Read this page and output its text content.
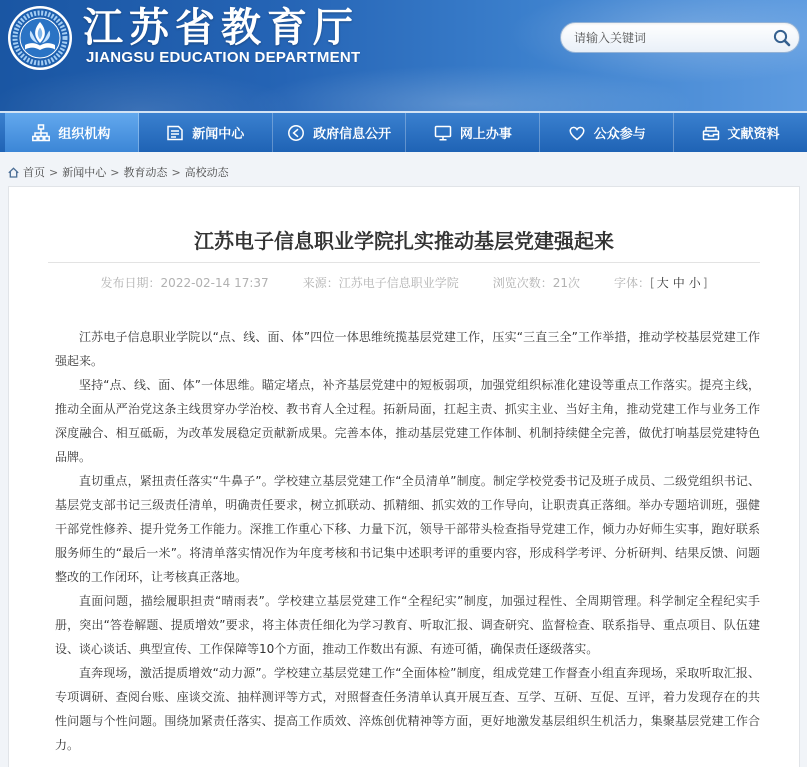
江苏省教育厅
JIANGSU EDUCATION DEPARTMENT
请输入关键词
组织机构	新闻中心	政府信息公开	网上办事	公众参与	文献资料
首页 > 新闻中心 > 教育动态 > 高校动态
江苏电子信息职业学院扎实推动基层党建强起来
发布日期： 2022-02-14 17:37	来源： 江苏电子信息职业学院	浏览次数： 21次	字体： [ 大 中 小 ]

江苏电子信息职业学院以“点、线、面、体”四位一体思维统揽基层党建工作，压实“三直三全”工作举措，推动学校基层党建工作强起来。

坚持“点、线、面、体”一体思维。瞄定堵点，补齐基层党建中的短板弱项，加强党组织标准化建设等重点工作落实。提亮主线，推动全面从严治党这条主线贯穿办学治校、教书育人全过程。拓新局面，扛起主责、抓实主业、当好主角，推动党建工作与业务工作深度融合、相互砥砺，为改革发展稳定贡献新成果。完善本体，推动基层党建工作体制、机制持续健全完善，做优打响基层党建特色品牌。

直切重点，紧扭责任落实“牛鼻子”。学校建立基层党建工作“全员清单”制度。制定学校党委书记及班子成员、二级党组织书记、基层党支部书记三级责任清单，明确责任要求，树立抓联动、抓精细、抓实效的工作导向，让职责真正落细。举办专题培训班，强健干部党性修养、提升党务工作能力。深推工作重心下移、力量下沉，领导干部带头检查指导党建工作，倾力办好师生实事，跑好联系服务师生的“最后一米”。将清单落实情况作为年度考核和书记集中述职考评的重要内容，形成科学考评、分析研判、结果反馈、问题整改的工作闭环，让考核真正落地。

直面问题，描绘履职担责“晴雨表”。学校建立基层党建工作“全程纪实”制度，加强过程性、全周期管理。科学制定全程纪实手册，突出“答卷解题、提质增效”要求，将主体责任细化为学习教育、听取汇报、调查研究、监督检查、联系指导、重点项目、队伍建设、谈心谈话、典型宣传、工作保障等10个方面，推动工作数出有源、有迹可循，确保责任逐级落实。

直奔现场，激活提质增效“动力源”。学校建立基层党建工作“全面体检”制度，组成党建工作督查小组直奔现场，采取听取汇报、专项调研、查阅台账、座谈交流、抽样测评等方式，对照督查任务清单认真开展互查、互学、互研、互促、互评，着力发现存在的共性问题与个性问题。围绕加紧责任落实、提高工作质效、淬炼创优精神等方面，更好地激发基层组织生机活力，集聚基层党建工作合力。
